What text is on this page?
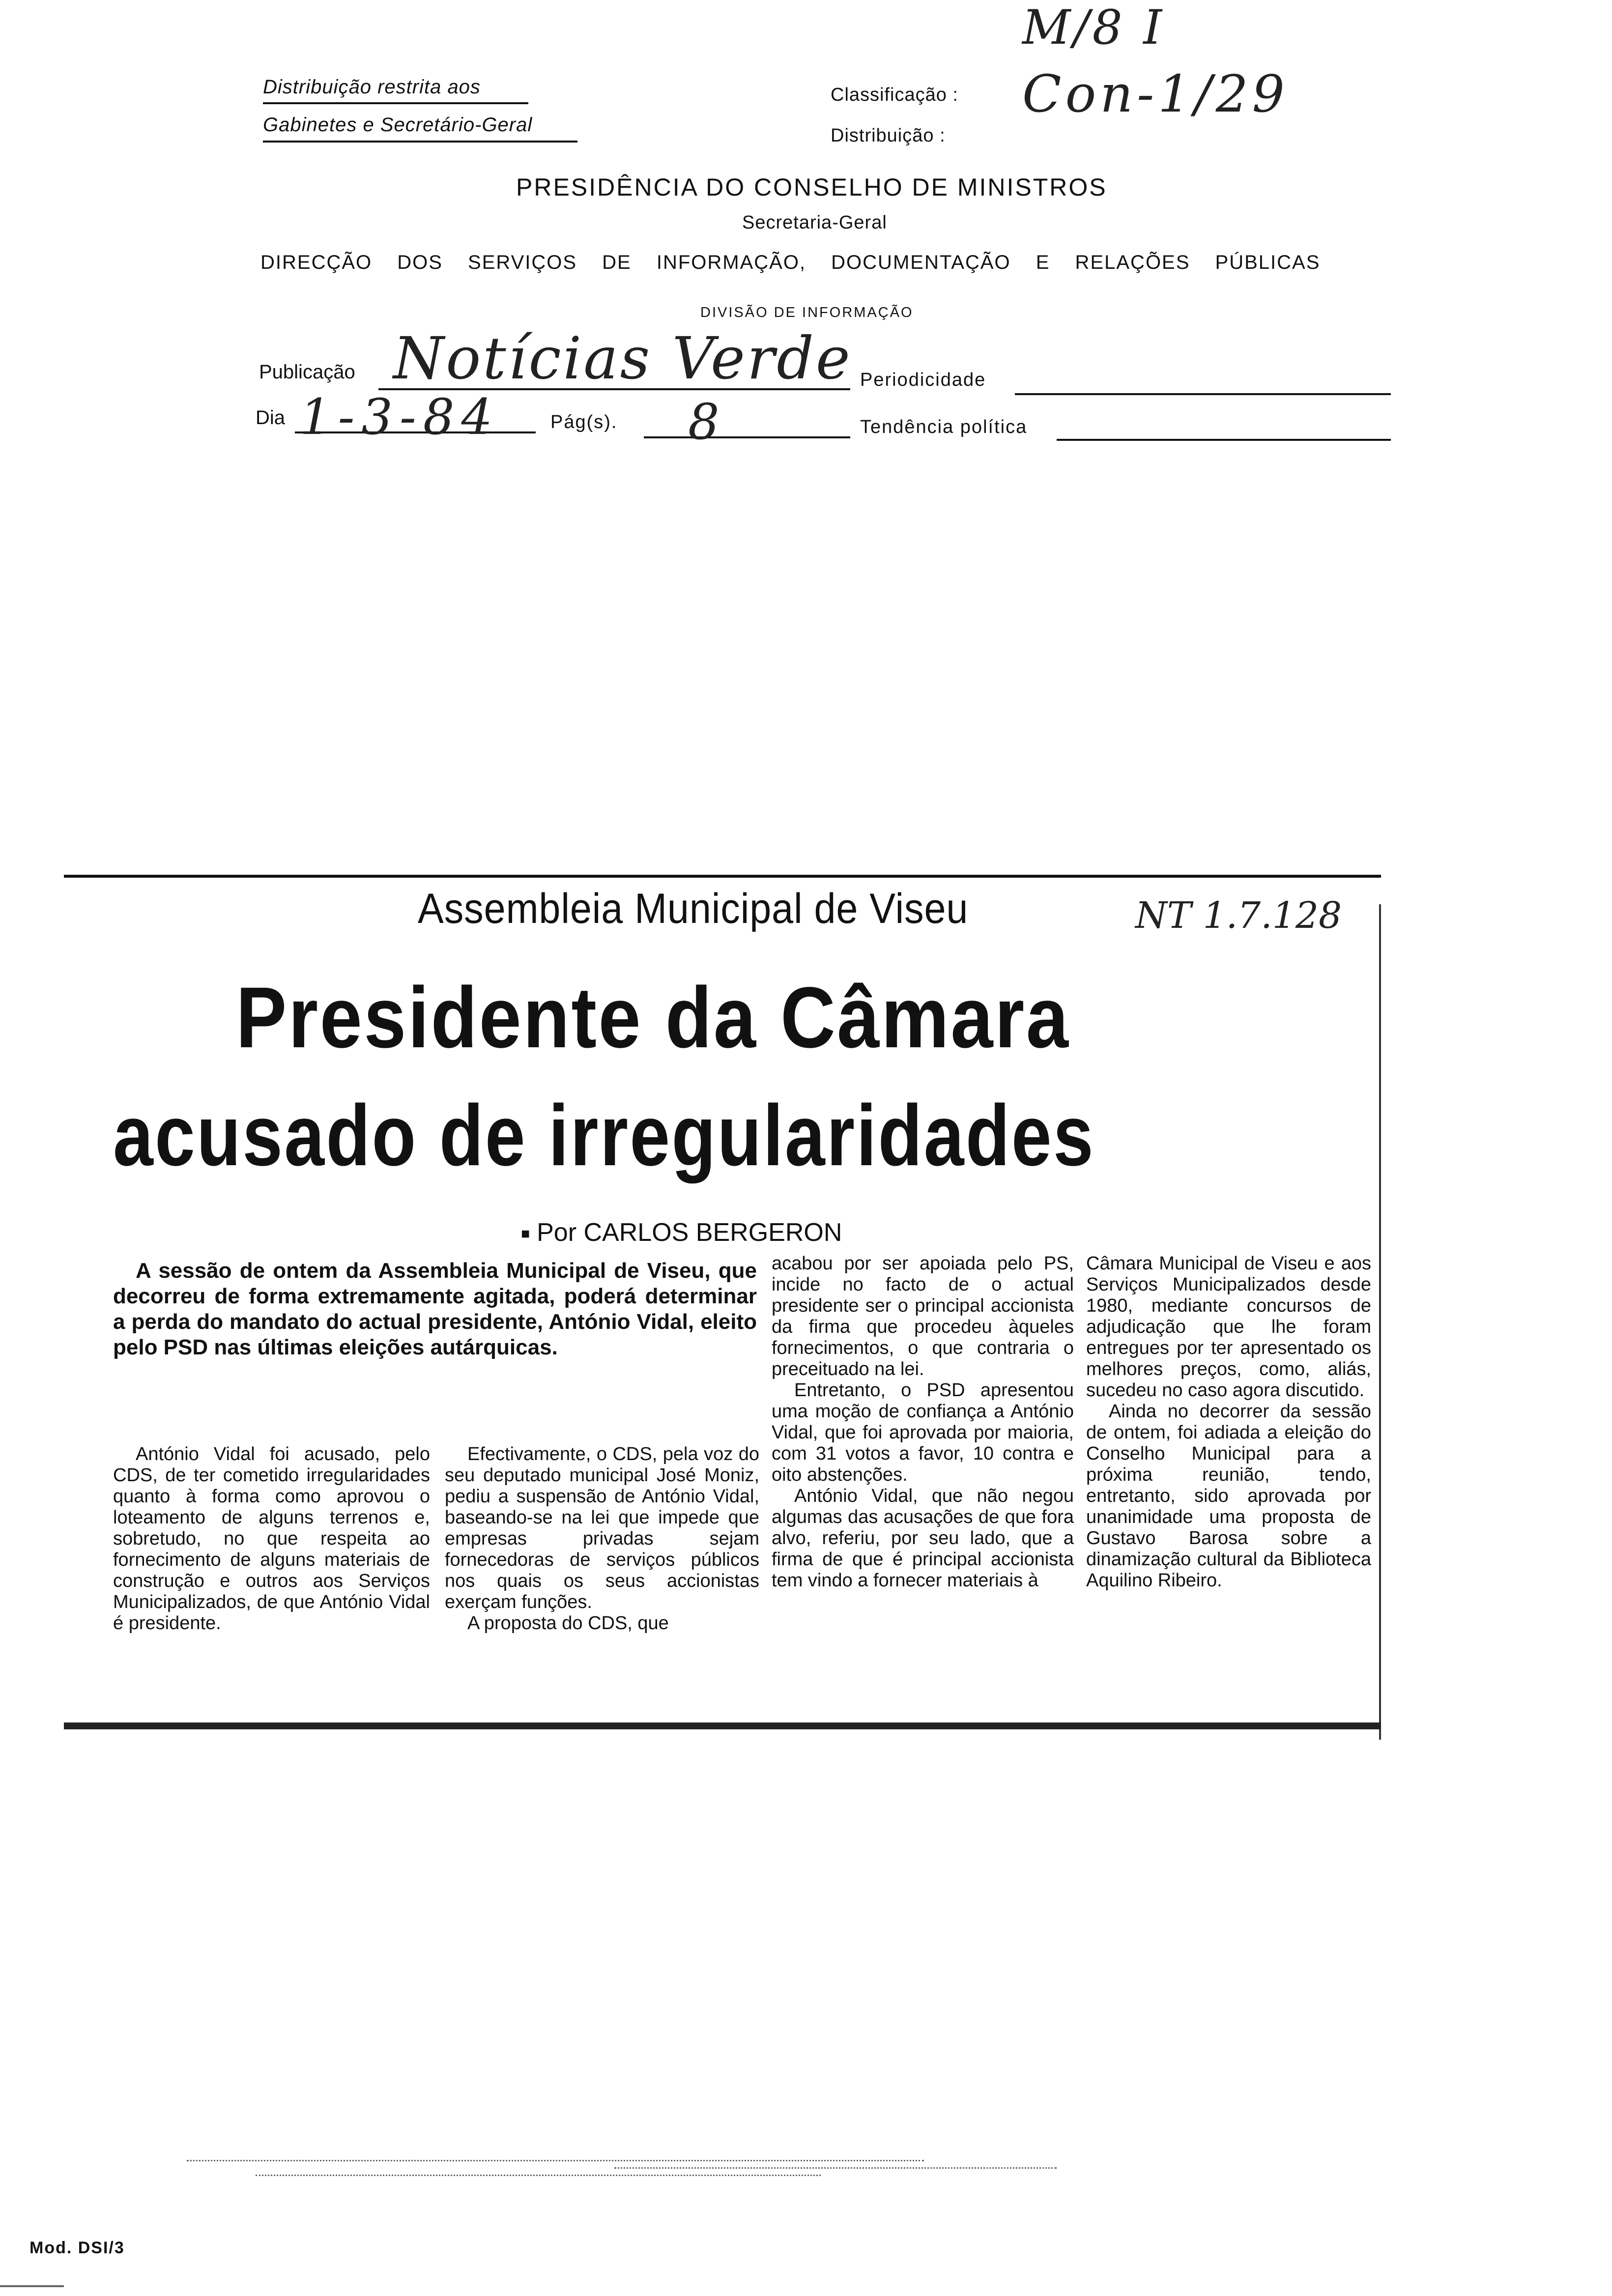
M/8 I
Distribuição restrita aos
Gabinetes e Secretário-Geral
Classificação :
Distribuição :
Con-1/29
PRESIDÊNCIA DO CONSELHO DE MINISTROS
Secretaria-Geral
DIRECÇÃO DOS SERVIÇOS DE INFORMAÇÃO, DOCUMENTAÇÃO E RELAÇÕES PÚBLICAS
DIVISÃO DE INFORMAÇÃO
Publicação Notícias Verde Periodicidade
Dia 1-3-84	Pág(s). 8	Tendência política
Assembleia Municipal de Viseu	NT 1.7.128
Presidente da Câmara
acusado de irregularidades
■ Por CARLOS BERGERON

A sessão de ontem da Assembleia Municipal de Viseu, que decorreu de forma extremamente agitada, poderá determinar a perda do mandato do actual presidente, António Vidal, eleito pelo PSD nas últimas eleições autárquicas.

António Vidal foi acusado, pelo CDS, de ter cometido irregularidades quanto à forma como aprovou o loteamento de alguns terrenos e, sobretudo, no que respeita ao fornecimento de alguns materiais de construção e outros aos Serviços Municipalizados, de que António Vidal é presidente.

Efectivamente, o CDS, pela voz do seu deputado municipal José Moniz, pediu a suspensão de António Vidal, baseando-se na lei que impede que empresas privadas sejam fornecedoras de serviços públicos nos quais os seus accionistas exerçam funções.

A proposta do CDS, que

acabou por ser apoiada pelo PS, incide no facto de o actual presidente ser o principal accionista da firma que procedeu àqueles fornecimentos, o que contraria o preceituado na lei.

Entretanto, o PSD apresentou uma moção de confiança a António Vidal, que foi aprovada por maioria, com 31 votos a favor, 10 contra e oito abstenções.

António Vidal, que não negou algumas das acusações de que fora alvo, referiu, por seu lado, que a firma de que é principal accionista tem vindo a fornecer materiais à

Câmara Municipal de Viseu e aos Serviços Municipalizados desde 1980, mediante concursos de adjudicação que lhe foram entregues por ter apresentado os melhores preços, como, aliás, sucedeu no caso agora discutido.

Ainda no decorrer da sessão de ontem, foi adiada a eleição do Conselho Municipal para a próxima reunião, tendo, entretanto, sido aprovada por unanimidade uma proposta de Gustavo Barosa sobre a dinamização cultural da Biblioteca Aquilino Ribeiro.

Mod. DSI/3
